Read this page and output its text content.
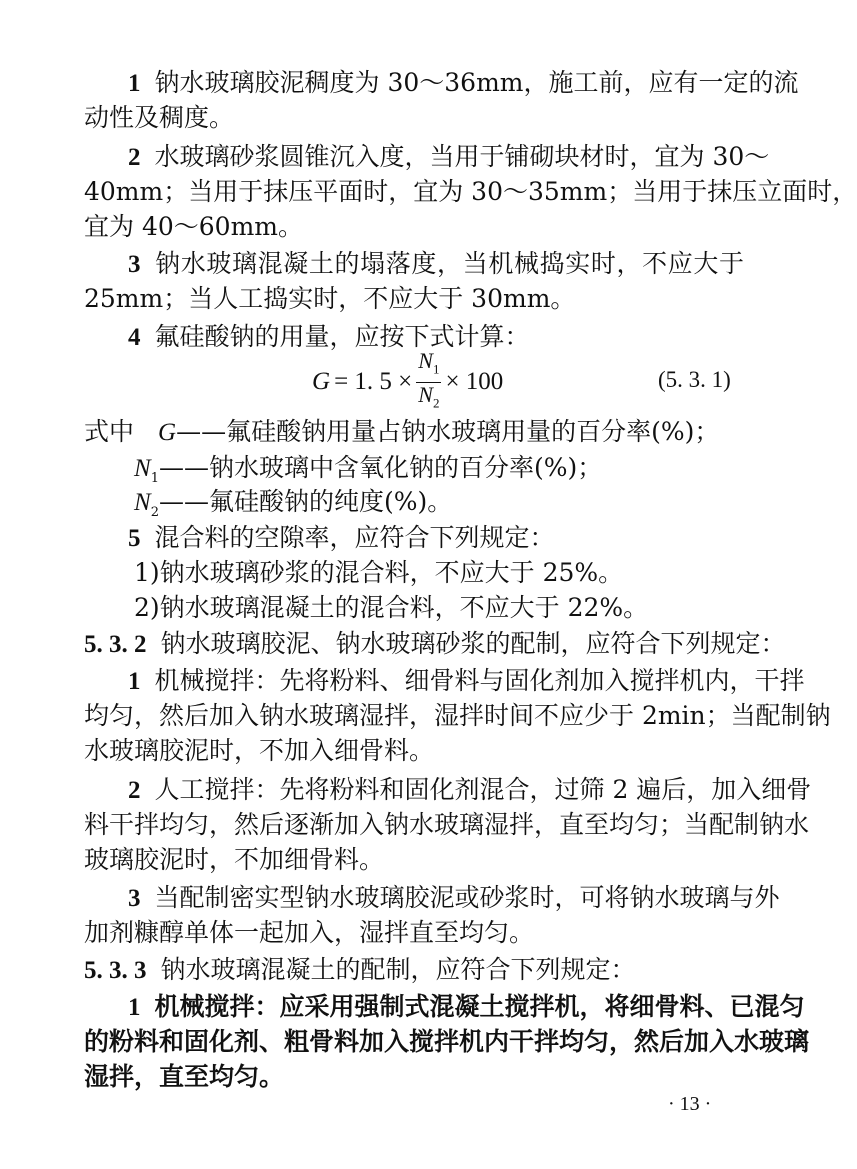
1 钠水玻璃胶泥稠度为 30～36mm，施工前，应有一定的流
动性及稠度。
2 水玻璃砂浆圆锥沉入度，当用于铺砌块材时，宜为 30～
40mm；当用于抹压平面时，宜为 30～35mm；当用于抹压立面时，
宜为 40～60mm。
3 钠水玻璃混凝土的塌落度，当机械捣实时，不应大于
25mm；当人工捣实时，不应大于 30mm。
4 氟硅酸钠的用量，应按下式计算：
G = 1. $5 \times \frac{N_1}{N_2} \times 100$	(5. 3. 1)
式中 G——氟硅酸钠用量占钠水玻璃用量的百分率(%)；
$N_1——$钠水玻璃中含氧化钠的百分率(%)；
$N_2——$氟硅酸钠的纯度(%)。
5 混合料的空隙率，应符合下列规定：
1)钠水玻璃砂浆的混合料，不应大于 25%。
2)钠水玻璃混凝土的混合料，不应大于 22%。
5. 3. 2 钠水玻璃胶泥、钠水玻璃砂浆的配制，应符合下列规定：
1 机械搅拌：先将粉料、细骨料与固化剂加入搅拌机内，干拌
均匀，然后加入钠水玻璃湿拌，湿拌时间不应少于 2min；当配制钠
水玻璃胶泥时，不加入细骨料。
2 人工搅拌：先将粉料和固化剂混合，过筛 2 遍后，加入细骨
料干拌均匀，然后逐渐加入钠水玻璃湿拌，直至均匀；当配制钠水
玻璃胶泥时，不加细骨料。
3 当配制密实型钠水玻璃胶泥或砂浆时，可将钠水玻璃与外
加剂糠醇单体一起加入，湿拌直至均匀。
5. 3. 3 钠水玻璃混凝土的配制，应符合下列规定：
1 机械搅拌：应采用强制式混凝土搅拌机，将细骨料、已混匀
的粉料和固化剂、粗骨料加入搅拌机内干拌均匀，然后加入水玻璃
湿拌，直至均匀。
· 13 ·
